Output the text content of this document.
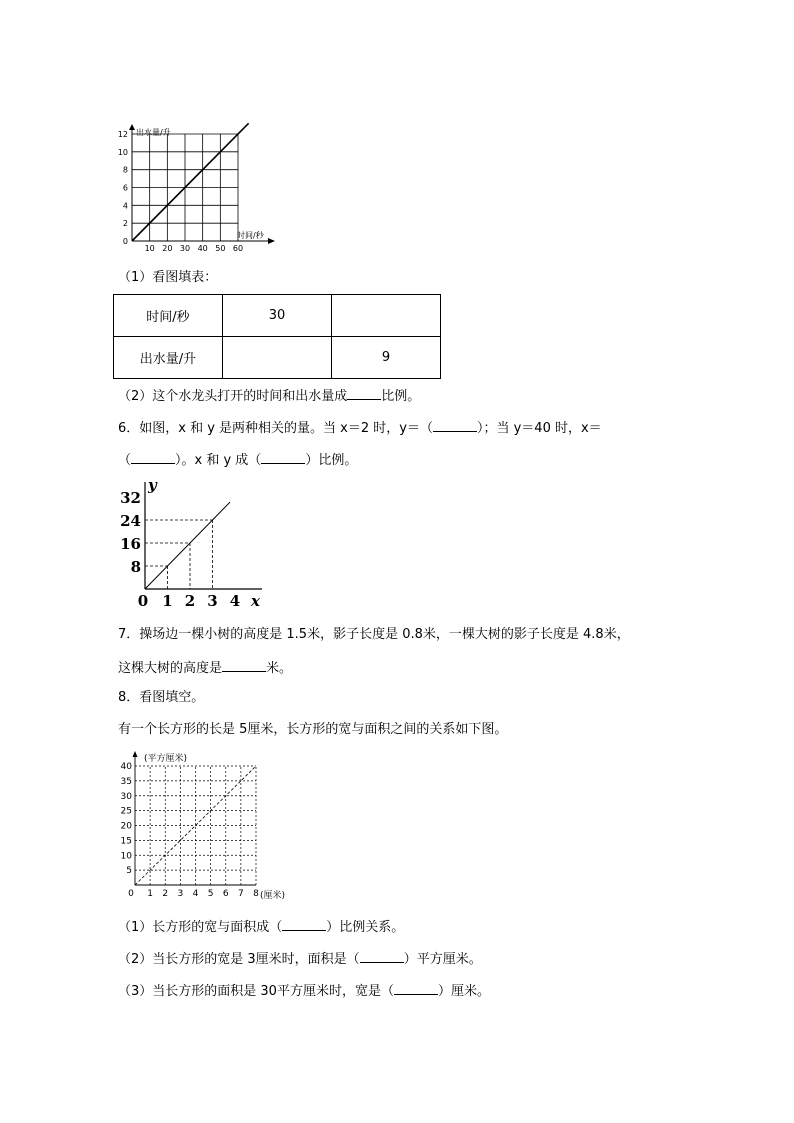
10 20 30 40 50 60
0
2
4
6
8
10
12 出水量/升
时间/秒
（1）看图填表：
时间/秒	30	
出水量/升		9
（2）这个水龙头打开的时间和出水量成	比例。
6．如图，x 和 y 是两种相关的量。当 x＝2 时，y＝（	）；当 y＝40 时，x＝
（	）。x 和 y 成（	）比例。
0 1 2 3 4
8
16
24
32
y
x
7．操场边一棵小树的高度是 1.5米，影子长度是 0.8米，一棵大树的影子长度是 4.8米，
这棵大树的高度是	米。
8．看图填空。
有一个长方形的长是 5厘米，长方形的宽与面积之间的关系如下图。
0 1 2 3 4 5 6 7 8
5
10
15
20
25
30
35
40
(平方厘米)
(厘米)
（1）长方形的宽与面积成（	）比例关系。
（2）当长方形的宽是 3厘米时，面积是（	）平方厘米。
（3）当长方形的面积是 30平方厘米时，宽是（	）厘米。
